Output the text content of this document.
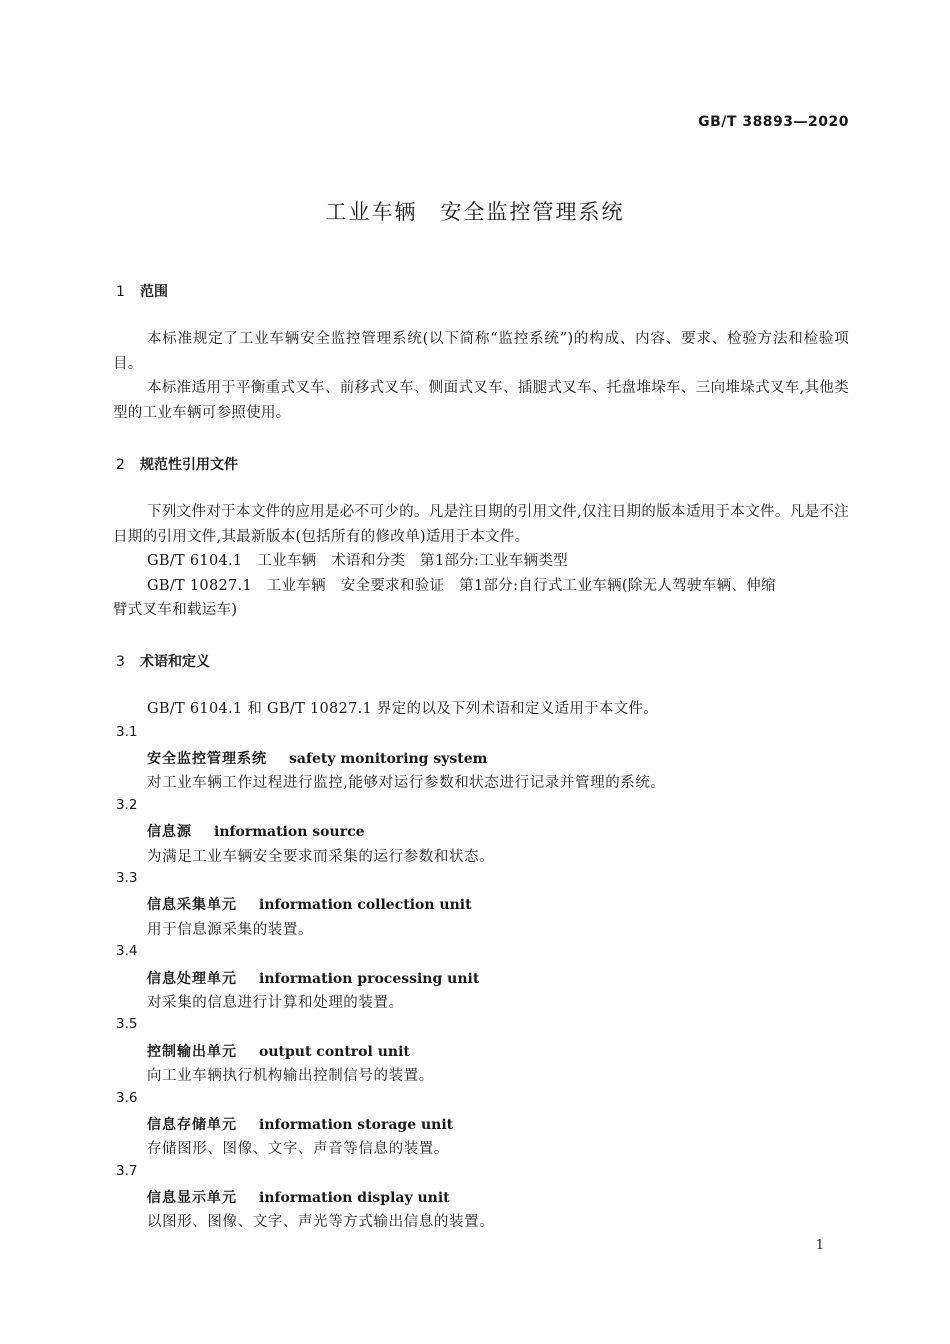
GB/T 38893—2020
工业车辆　安全监控管理系统
1 范围
本标准规定了工业车辆安全监控管理系统(以下简称“监控系统”)的构成、内容、要求、检验方法和检验项目。
本标准适用于平衡重式叉车、前移式叉车、侧面式叉车、插腿式叉车、托盘堆垛车、三向堆垛式叉车,其他类型的工业车辆可参照使用。
2 规范性引用文件
下列文件对于本文件的应用是必不可少的。凡是注日期的引用文件,仅注日期的版本适用于本文件。凡是不注日期的引用文件,其最新版本(包括所有的修改单)适用于本文件。
GB/T 6104.1　工业车辆　术语和分类　第1部分:工业车辆类型
GB/T 10827.1　工业车辆　安全要求和验证　第1部分:自行式工业车辆(除无人驾驶车辆、伸缩
臂式叉车和载运车)
3 术语和定义
GB/T 6104.1 和 GB/T 10827.1 界定的以及下列术语和定义适用于本文件。
3.1
安全监控管理系统 safety monitoring system
对工业车辆工作过程进行监控,能够对运行参数和状态进行记录并管理的系统。
3.2
信息源 information source
为满足工业车辆安全要求而采集的运行参数和状态。
3.3
信息采集单元 information collection unit
用于信息源采集的装置。
3.4
信息处理单元 information processing unit
对采集的信息进行计算和处理的装置。
3.5
控制输出单元 output control unit
向工业车辆执行机构输出控制信号的装置。
3.6
信息存储单元 information storage unit
存储图形、图像、文字、声音等信息的装置。
3.7
信息显示单元 information display unit
以图形、图像、文字、声光等方式输出信息的装置。
1
